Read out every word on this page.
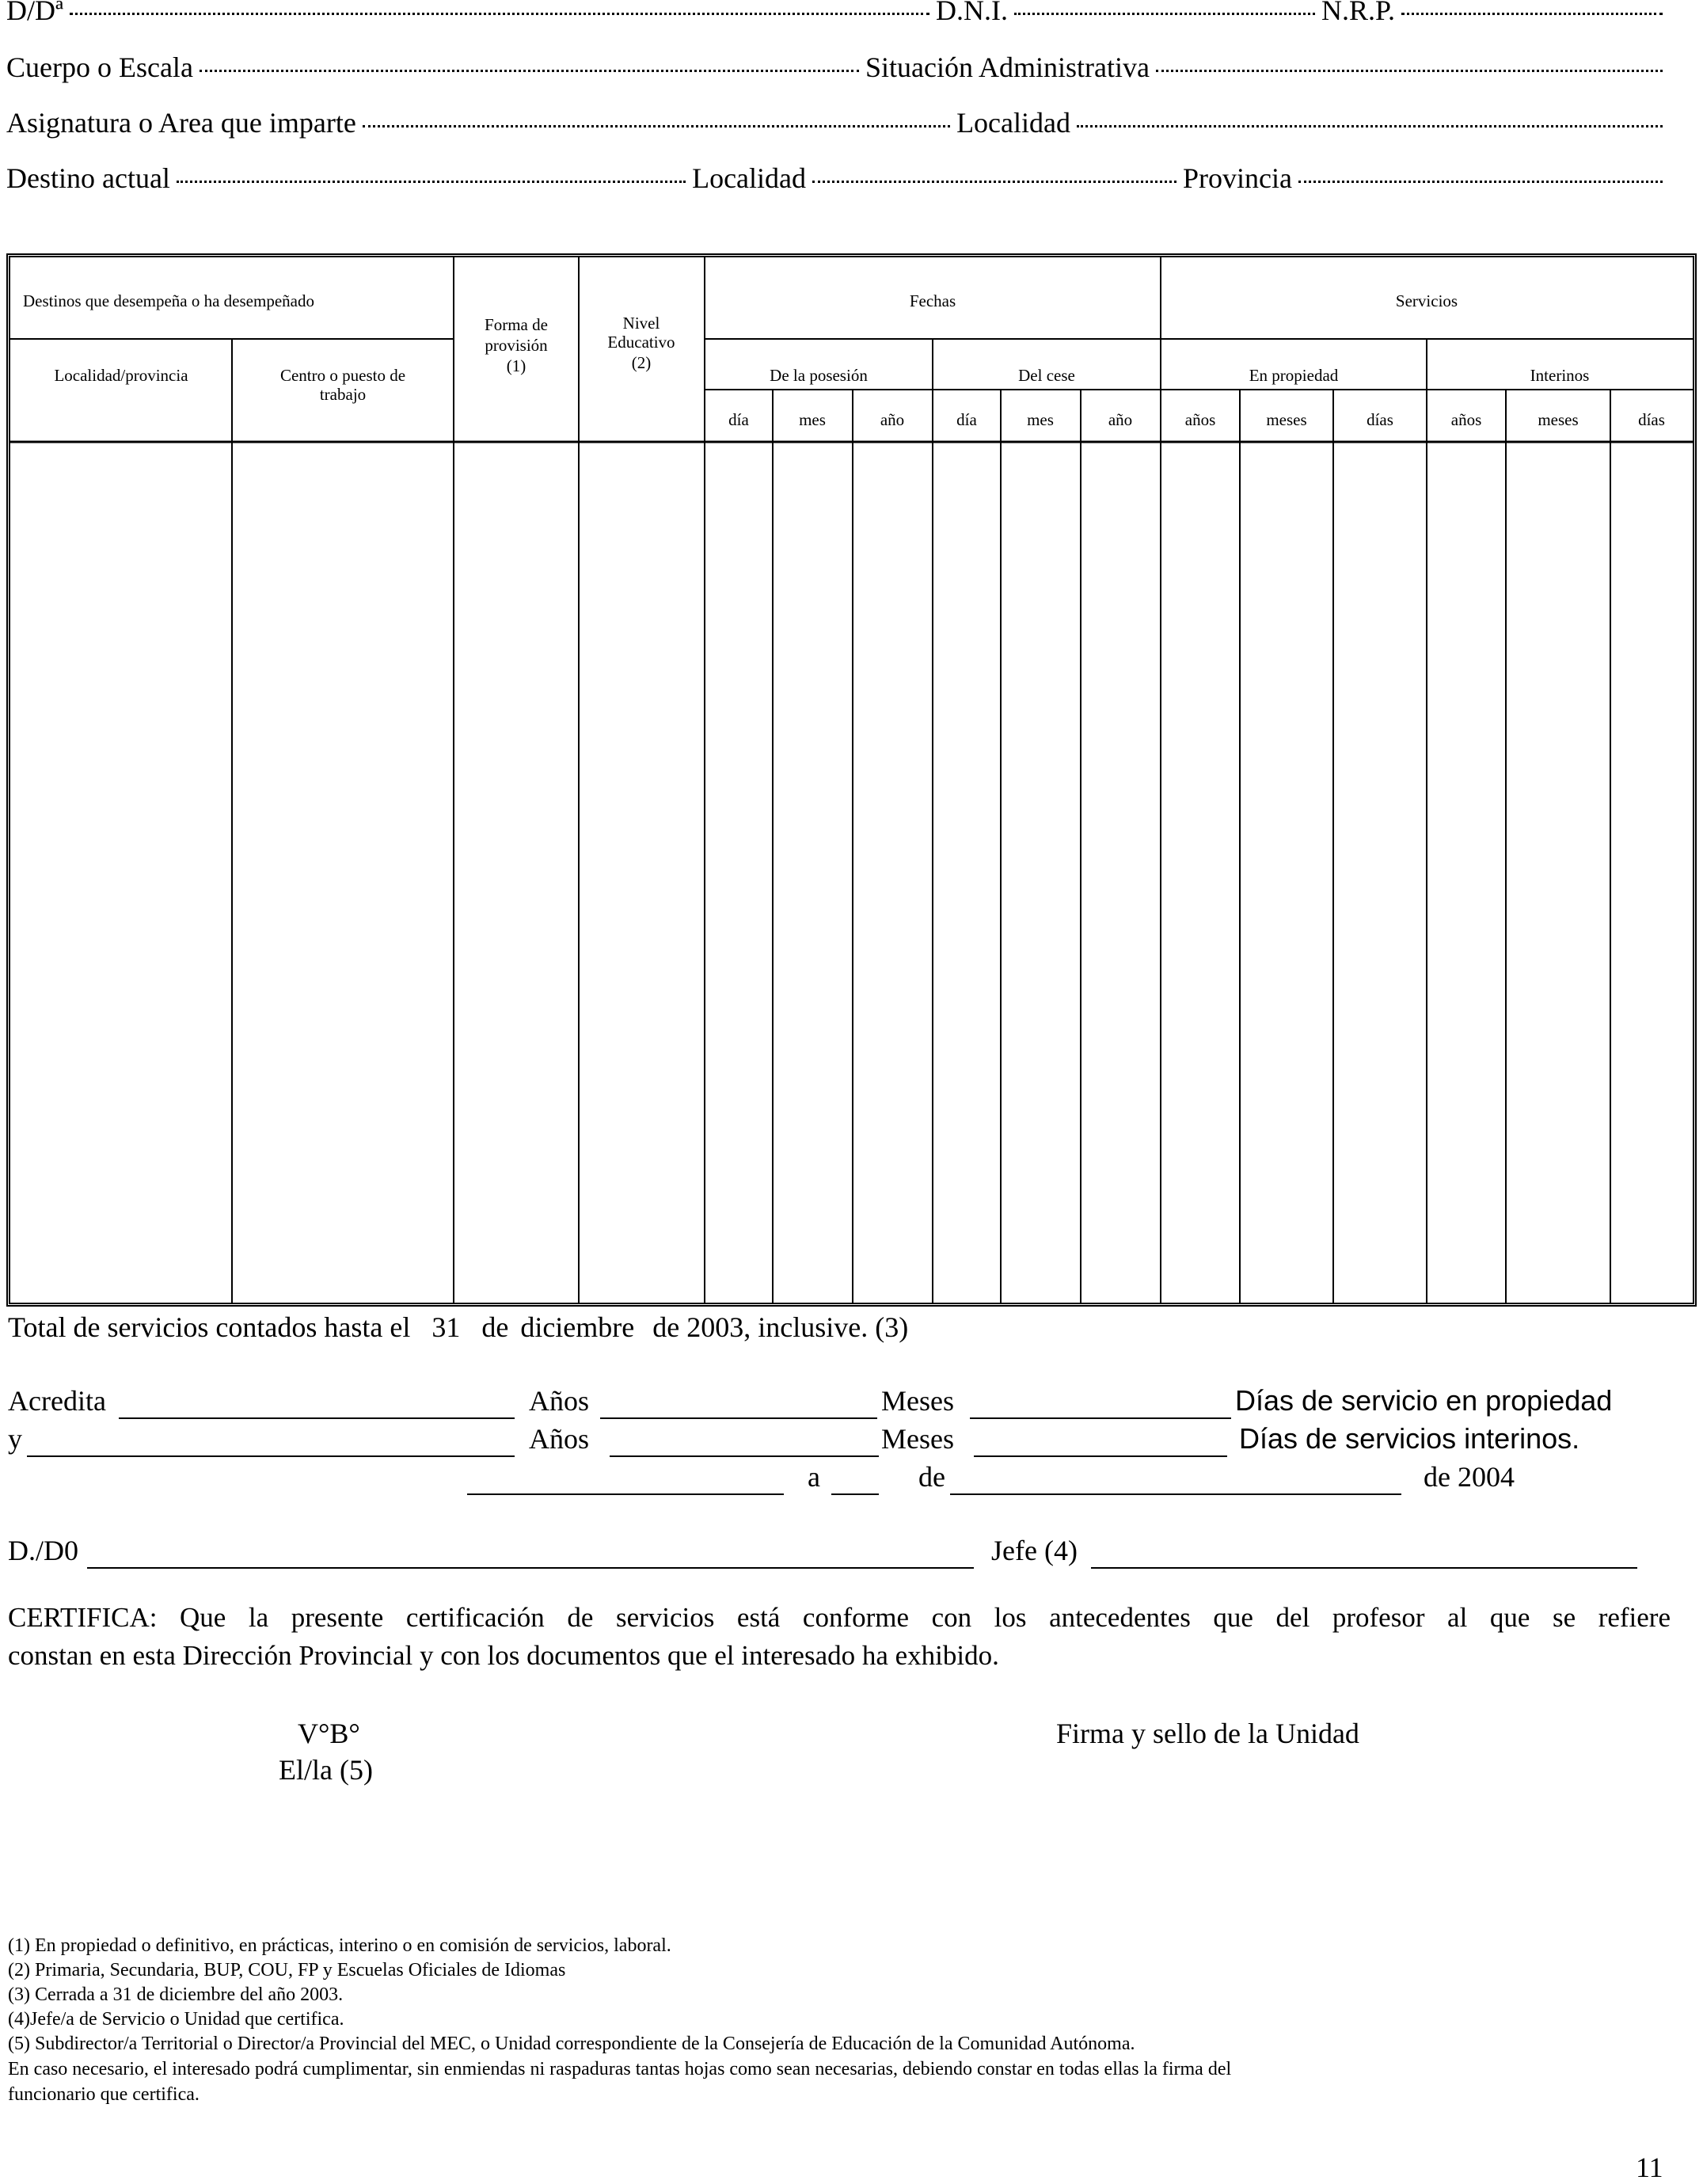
D/Dª	D.N.I.	N.R.P.
Cuerpo o Escala	Situación Administrativa
Asignatura o Area que imparte	Localidad
Destino actual	Localidad	Provincia
Destinos que desempeña o ha desempeñado
Localidad/provincia	Centro o puesto de
trabajo
Forma de
provisión
(1)
Nivel
Educativo
(2)
Fechas	Servicios
De la posesión	Del cese	En propiedad	Interinos
día	mes	año	día	mes	año	años	meses	días	años	meses	días
Total de servicios contados hasta el 31 de diciembre de 2003, inclusive. (3)
Acredita	Años	Meses	Días de servicio en propiedad
y	Años	Meses	Días de servicios interinos.
a	de	de 2004
D./D0	Jefe (4)
CERTIFICA: Que la presente certificación de servicios está conforme con los antecedentes que del profesor al que se refiere
constan en esta Dirección Provincial y con los documentos que el interesado ha exhibido.
V°B°
El/la (5)
Firma y sello de la Unidad
(1) En propiedad o definitivo, en prácticas, interino o en comisión de servicios, laboral.
(2) Primaria, Secundaria, BUP, COU, FP y Escuelas Oficiales de Idiomas
(3) Cerrada a 31 de diciembre del año 2003.
(4)Jefe/a de Servicio o Unidad que certifica.
(5) Subdirector/a Territorial o Director/a Provincial del MEC, o Unidad correspondiente de la Consejería de Educación de la Comunidad Autónoma.
En caso necesario, el interesado podrá cumplimentar, sin enmiendas ni raspaduras tantas hojas como sean necesarias, debiendo constar en todas ellas la firma del
funcionario que certifica.
11
